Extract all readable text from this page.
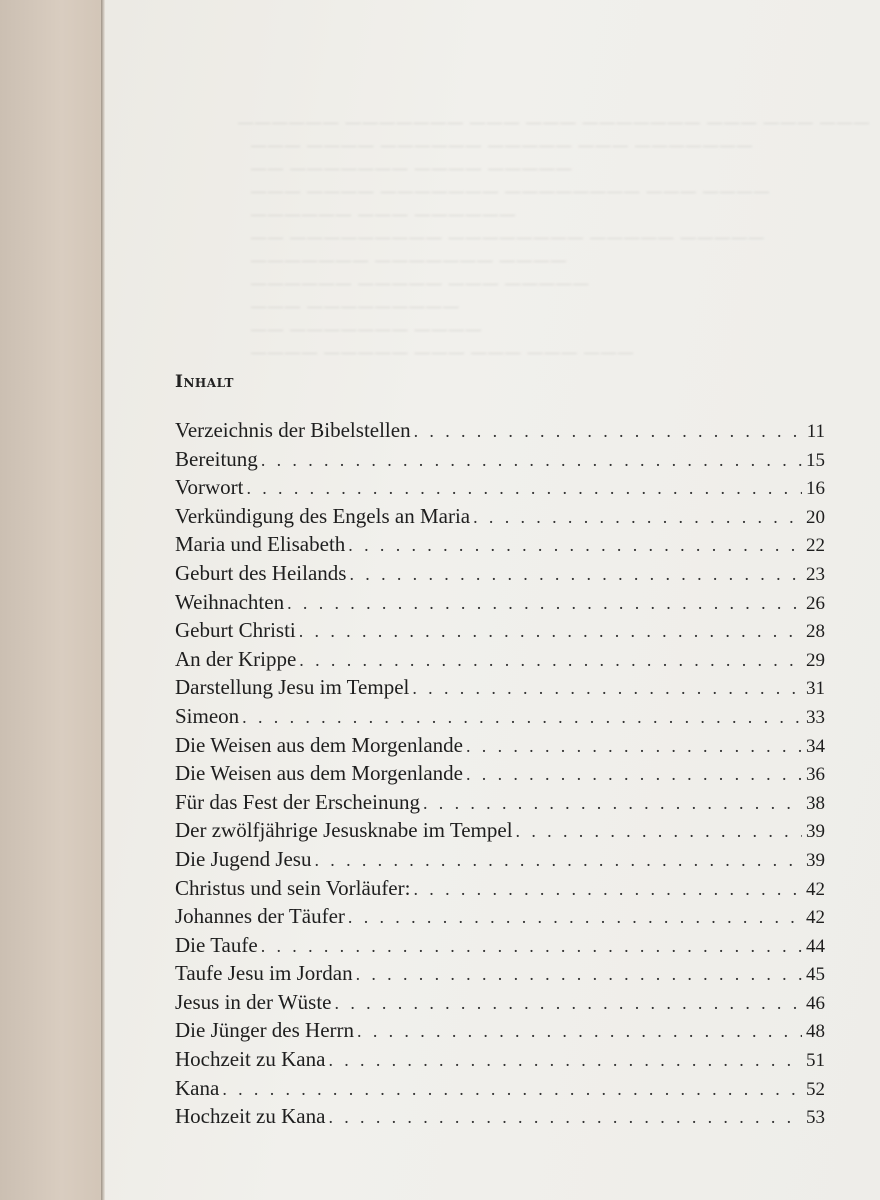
——— ——— ——— ——————— ——— ——— ——————— ——————
——————— ——— ————— —————— ———— ———
————— ———— ——————— ——
———— ——— ———————— ——————— ———— ———
—————— ——— ——————
————— ————— ———————— ————————— ——
———— ——————— ———————
————— ——— ————— ——————
————————— ———
———— ——————— ——
——— ——— ——— ——— ————— ————
Inhalt
Verzeichnis der Bibelstellen . . .	11
Bereitung . . .	15
Vorwort . . .	16
Verkündigung des Engels an Maria . . .	20
Maria und Elisabeth . . .	22
Geburt des Heilands . . .	23
Weihnachten . . .	26
Geburt Christi . . .	28
An der Krippe . . .	29
Darstellung Jesu im Tempel . . .	31
Simeon . . .	33
Die Weisen aus dem Morgenlande . . .	34
Die Weisen aus dem Morgenlande . . .	36
Für das Fest der Erscheinung . . .	38
Der zwölfjährige Jesusknabe im Tempel . . .	39
Die Jugend Jesu . . .	39
Christus und sein Vorläufer: . . .	42
Johannes der Täufer . . .	42
Die Taufe . . .	44
Taufe Jesu im Jordan . . .	45
Jesus in der Wüste . . .	46
Die Jünger des Herrn . . .	48
Hochzeit zu Kana . . .	51
Kana . . .	52
Hochzeit zu Kana . . .	53
